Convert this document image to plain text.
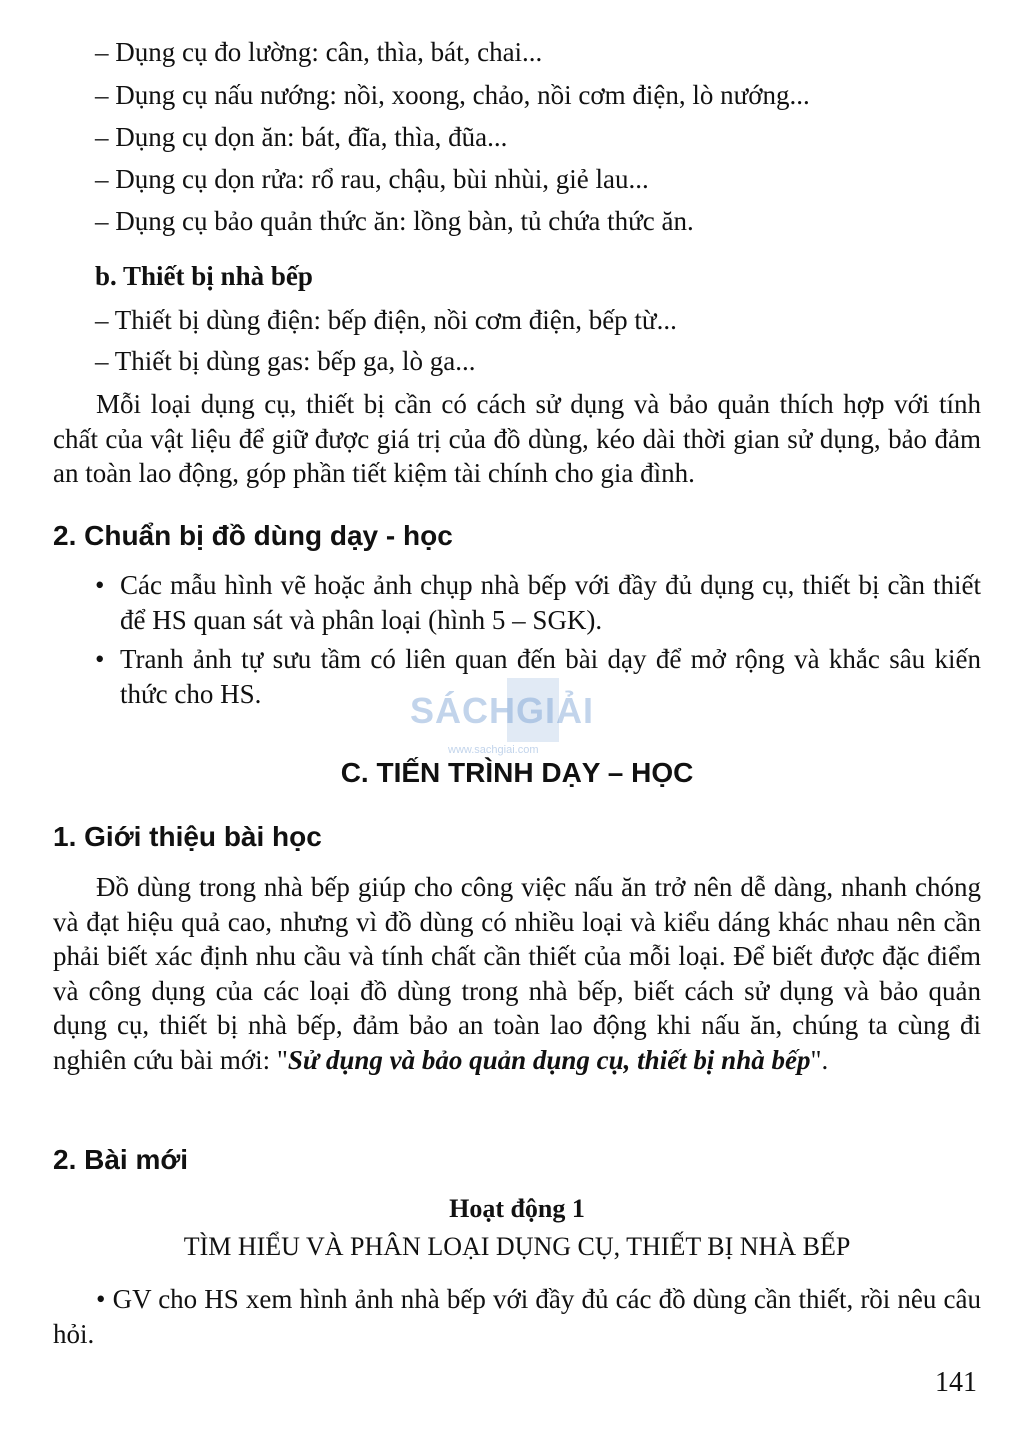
– Dụng cụ đo lường: cân, thìa, bát, chai...
– Dụng cụ nấu nướng: nồi, xoong, chảo, nồi cơm điện, lò nướng...
– Dụng cụ dọn ăn: bát, đĩa, thìa, đũa...
– Dụng cụ dọn rửa: rổ rau, chậu, bùi nhùi, giẻ lau...
– Dụng cụ bảo quản thức ăn: lồng bàn, tủ chứa thức ăn.
b. Thiết bị nhà bếp
– Thiết bị dùng điện: bếp điện, nồi cơm điện, bếp từ...
– Thiết bị dùng gas: bếp ga, lò ga...
Mỗi loại dụng cụ, thiết bị cần có cách sử dụng và bảo quản thích hợp với tính chất của vật liệu để giữ được giá trị của đồ dùng, kéo dài thời gian sử dụng, bảo đảm an toàn lao động, góp phần tiết kiệm tài chính cho gia đình.
2. Chuẩn bị đồ dùng dạy - học
• Các mẫu hình vẽ hoặc ảnh chụp nhà bếp với đầy đủ dụng cụ, thiết bị cần thiết để HS quan sát và phân loại (hình 5 – SGK).
• Tranh ảnh tự sưu tầm có liên quan đến bài dạy để mở rộng và khắc sâu kiến thức cho HS.	SÁCHGIẢI
www.sachgiai.com
C. TIẾN TRÌNH DẠY – HỌC
1. Giới thiệu bài học
Đồ dùng trong nhà bếp giúp cho công việc nấu ăn trở nên dễ dàng, nhanh chóng và đạt hiệu quả cao, nhưng vì đồ dùng có nhiều loại và kiểu dáng khác nhau nên cần phải biết xác định nhu cầu và tính chất cần thiết của mỗi loại. Để biết được đặc điểm và công dụng của các loại đồ dùng trong nhà bếp, biết cách sử dụng và bảo quản dụng cụ, thiết bị nhà bếp, đảm bảo an toàn lao động khi nấu ăn, chúng ta cùng đi nghiên cứu bài mới: "Sử dụng và bảo quản dụng cụ, thiết bị nhà bếp".
2. Bài mới
Hoạt động 1
TÌM HIỂU VÀ PHÂN LOẠI DỤNG CỤ, THIẾT BỊ NHÀ BẾP
• GV cho HS xem hình ảnh nhà bếp với đầy đủ các đồ dùng cần thiết, rồi nêu câu hỏi.
141
